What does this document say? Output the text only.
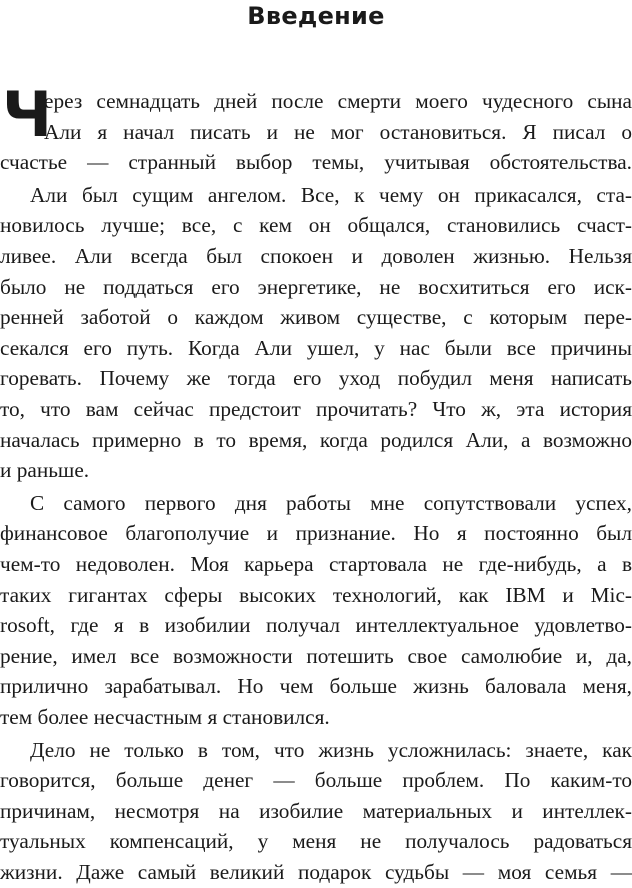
Введение
Ч
ерез семнадцать дней после смерти моего чудесного сына
Али я начал писать и не мог остановиться. Я писал о
счастье — странный выбор темы, учитывая обстоятельства.
Али был сущим ангелом. Все, к чему он прикасался, ста-
новилось лучше; все, с кем он общался, становились счаст-
ливее. Али всегда был спокоен и доволен жизнью. Нельзя
было не поддаться его энергетике, не восхититься его иск-
ренней заботой о каждом живом существе, с которым пере-
секался его путь. Когда Али ушел, у нас были все причины
горевать. Почему же тогда его уход побудил меня написать
то, что вам сейчас предстоит прочитать? Что ж, эта история
началась примерно в то время, когда родился Али, а возможно
и раньше.
С самого первого дня работы мне сопутствовали успех,
финансовое благополучие и признание. Но я постоянно был
чем-то недоволен. Моя карьера стартовала не где-нибудь, а в
таких гигантах сферы высоких технологий, как IBM и Mic-
rosoft, где я в изобилии получал интеллектуальное удовлетво-
рение, имел все возможности потешить свое самолюбие и, да,
прилично зарабатывал. Но чем больше жизнь баловала меня,
тем более несчастным я становился.
Дело не только в том, что жизнь усложнилась: знаете, как
говорится, больше денег — больше проблем. По каким-то
причинам, несмотря на изобилие материальных и интеллек-
туальных компенсаций, у меня не получалось радоваться
жизни. Даже самый великий подарок судьбы — моя семья —
